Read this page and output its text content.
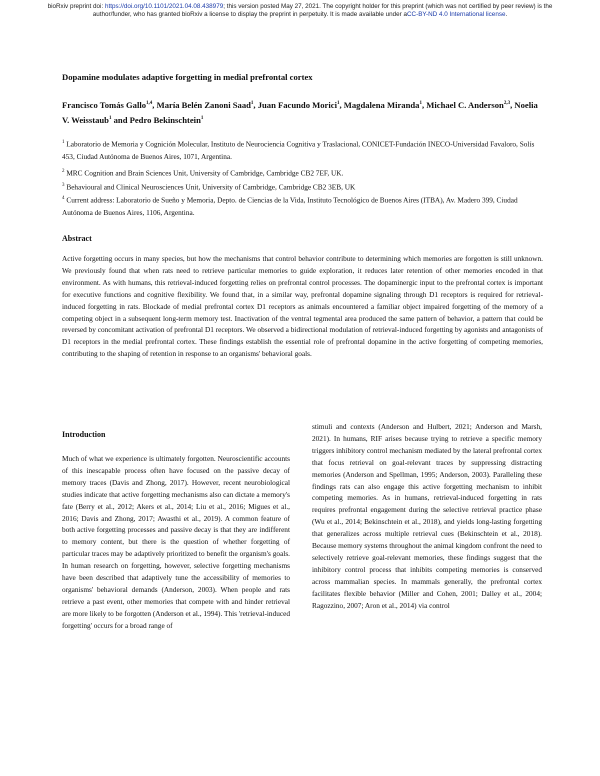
bioRxiv preprint doi: https://doi.org/10.1101/2021.04.08.438979; this version posted May 27, 2021. The copyright holder for this preprint (which was not certified by peer review) is the author/funder, who has granted bioRxiv a license to display the preprint in perpetuity. It is made available under aCC-BY-ND 4.0 International license.
Dopamine modulates adaptive forgetting in medial prefrontal cortex
Francisco Tomás Gallo$^{1,4}$, María Belén Zanoni Saad$^1$, Juan Facundo Morici$^1$, Magdalena Miranda$^1$, Michael C. Anderson$^{2,3}$, Noelia V. Weisstaub$^1$ and Pedro Bekinschtein$^1$
$^1$ Laboratorio de Memoria y Cognición Molecular, Instituto de Neurociencia Cognitiva y Traslacional, CONICET-Fundación INECO-Universidad Favaloro, Solís 453, Ciudad Autónoma de Buenos Aires, 1071, Argentina.
$^2$ MRC Cognition and Brain Sciences Unit, University of Cambridge, Cambridge CB2 7EF, UK.
$^3$ Behavioural and Clinical Neurosciences Unit, University of Cambridge, Cambridge CB2 3EB, UK
$^4$ Current address: Laboratorio de Sueño y Memoria, Depto. de Ciencias de la Vida, Instituto Tecnológico de Buenos Aires (ITBA), Av. Madero 399, Ciudad Autónoma de Buenos Aires, 1106, Argentina.
Abstract
Active forgetting occurs in many species, but how the mechanisms that control behavior contribute to determining which memories are forgotten is still unknown. We previously found that when rats need to retrieve particular memories to guide exploration, it reduces later retention of other memories encoded in that environment. As with humans, this retrieval-induced forgetting relies on prefrontal control processes. The dopaminergic input to the prefrontal cortex is important for executive functions and cognitive flexibility. We found that, in a similar way, prefrontal dopamine signaling through D1 receptors is required for retrieval-induced forgetting in rats. Blockade of medial prefrontal cortex D1 receptors as animals encountered a familiar object impaired forgetting of the memory of a competing object in a subsequent long-term memory test. Inactivation of the ventral tegmental area produced the same pattern of behavior, a pattern that could be reversed by concomitant activation of prefrontal D1 receptors. We observed a bidirectional modulation of retrieval-induced forgetting by agonists and antagonists of D1 receptors in the medial prefrontal cortex. These findings establish the essential role of prefrontal dopamine in the active forgetting of competing memories, contributing to the shaping of retention in response to an organisms' behavioral goals.
Introduction
Much of what we experience is ultimately forgotten. Neuroscientific accounts of this inescapable process often have focused on the passive decay of memory traces (Davis and Zhong, 2017). However, recent neurobiological studies indicate that active forgetting mechanisms also can dictate a memory's fate (Berry et al., 2012; Akers et al., 2014; Liu et al., 2016; Migues et al., 2016; Davis and Zhong, 2017; Awasthi et al., 2019). A common feature of both active forgetting processes and passive decay is that they are indifferent to memory content, but there is the question of whether forgetting of particular traces may be adaptively prioritized to benefit the organism's goals. In human research on forgetting, however, selective forgetting mechanisms have been described that adaptively tune the accessibility of memories to organisms' behavioral demands (Anderson, 2003). When people and rats retrieve a past event, other memories that compete with and hinder retrieval are more likely to be forgotten (Anderson et al., 1994). This 'retrieval-induced forgetting' occurs for a broad range of
stimuli and contexts (Anderson and Hulbert, 2021; Anderson and Marsh, 2021). In humans, RIF arises because trying to retrieve a specific memory triggers inhibitory control mechanism mediated by the lateral prefrontal cortex that focus retrieval on goal-relevant traces by suppressing distracting memories (Anderson and Spellman, 1995; Anderson, 2003). Paralleling these findings rats can also engage this active forgetting mechanism to inhibit competing memories. As in humans, retrieval-induced forgetting in rats requires prefrontal engagement during the selective retrieval practice phase (Wu et al., 2014; Bekinschtein et al., 2018), and yields long-lasting forgetting that generalizes across multiple retrieval cues (Bekinschtein et al., 2018). Because memory systems throughout the animal kingdom confront the need to selectively retrieve goal-relevant memories, these findings suggest that the inhibitory control process that inhibits competing memories is conserved across mammalian species. In mammals generally, the prefrontal cortex facilitates flexible behavior (Miller and Cohen, 2001; Dalley et al., 2004; Ragozzino, 2007; Aron et al., 2014) via control
